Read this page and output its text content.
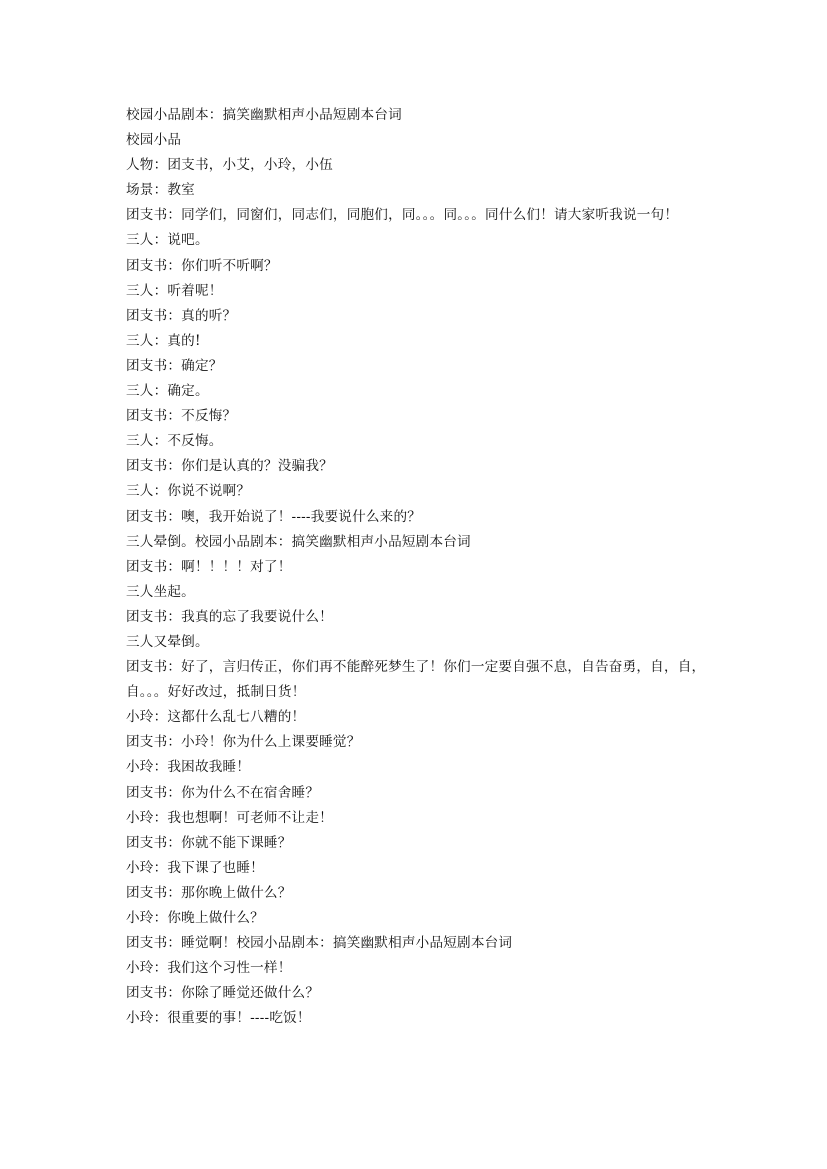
校园小品剧本：搞笑幽默相声小品短剧本台词

校园小品

人物：团支书，小艾，小玲，小伍

场景：教室

团支书：同学们，同窗们，同志们，同胞们，同。。。同。。。同什么们！请大家听我说一句！

三人：说吧。

团支书：你们听不听啊？

三人：听着呢！

团支书：真的听？

三人：真的!

团支书：确定？

三人：确定。

团支书：不反悔？

三人：不反悔。

团支书：你们是认真的？没骗我？

三人：你说不说啊？

团支书：噢，我开始说了！----我要说什么来的？

三人晕倒。校园小品剧本：搞笑幽默相声小品短剧本台词

团支书：啊！！！！对了！

三人坐起。

团支书：我真的忘了我要说什么！

三人又晕倒。

团支书：好了，言归传正，你们再不能醉死梦生了！你们一定要自强不息，自告奋勇，自，自，自。。。好好改过，抵制日货！

小玲：这都什么乱七八糟的！

团支书：小玲！你为什么上课要睡觉？

小玲：我困故我睡！

团支书：你为什么不在宿舍睡？

小玲：我也想啊！可老师不让走！

团支书：你就不能下课睡？

小玲：我下课了也睡！

团支书：那你晚上做什么？

小玲：你晚上做什么？

团支书：睡觉啊！校园小品剧本：搞笑幽默相声小品短剧本台词

小玲：我们这个习性一样！

团支书：你除了睡觉还做什么？

小玲：很重要的事！----吃饭！
